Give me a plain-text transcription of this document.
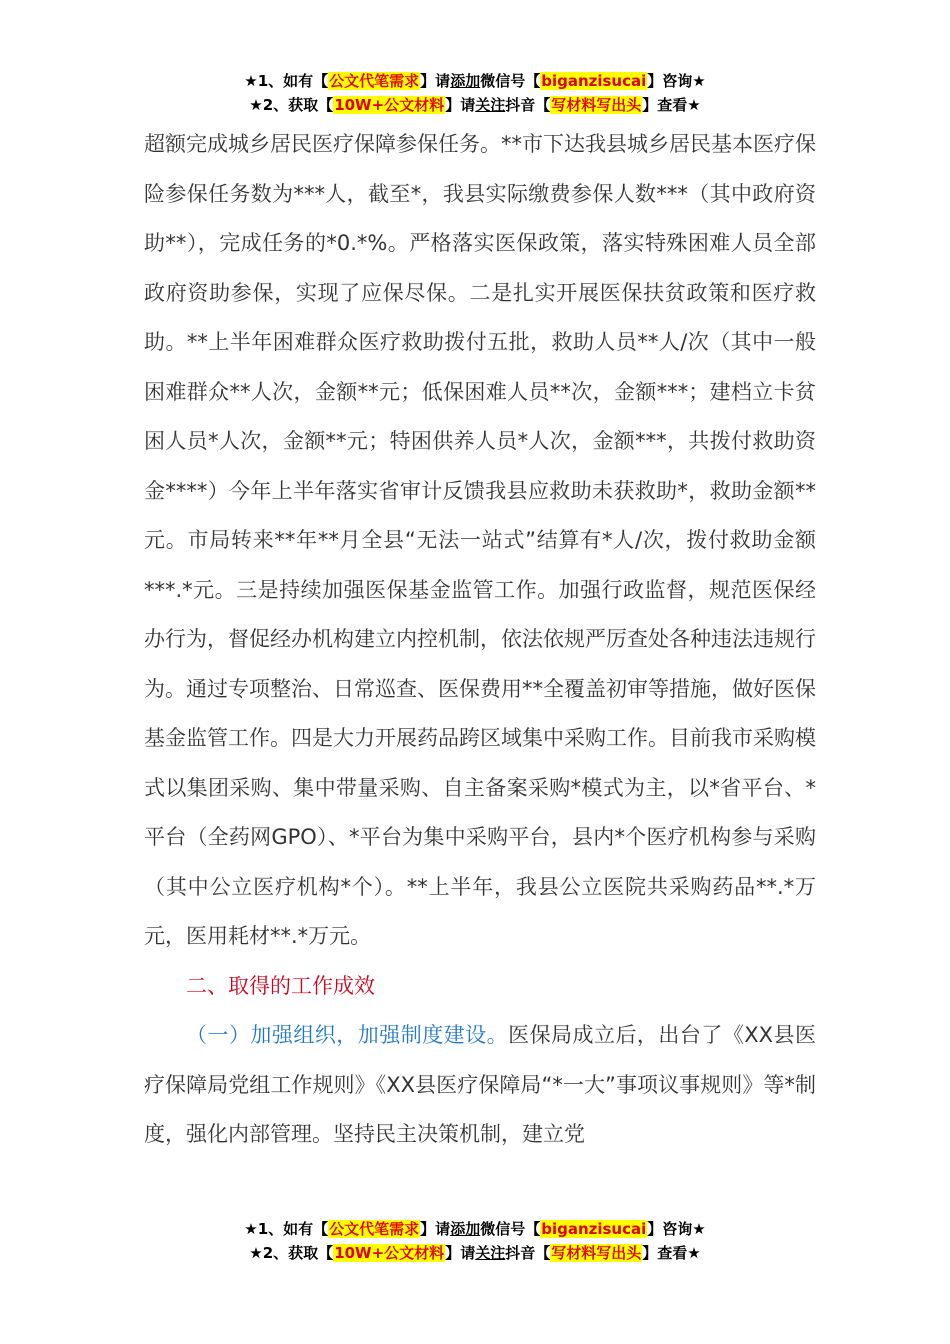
★1、如有【公文代笔需求】请添加微信号【biganzisucai】咨询★
★2、获取【10W+公文材料】请关注抖音【写材料写出头】查看★

超额完成城乡居民医疗保障参保任务。**市下达我县城乡居民基本医疗保险参保任务数为***人，截至*，我县实际缴费参保人数***（其中政府资助**），完成任务的*0.*%。严格落实医保政策，落实特殊困难人员全部政府资助参保，实现了应保尽保。二是扎实开展医保扶贫政策和医疗救助。**上半年困难群众医疗救助拨付五批，救助人员**人/次（其中一般困难群众**人次，金额**元；低保困难人员**次，金额***；建档立卡贫困人员*人次，金额**元；特困供养人员*人次，金额***，共拨付救助资金****）今年上半年落实省审计反馈我县应救助未获救助*，救助金额**元。市局转来**年**月全县“无法一站式”结算有*人/次，拨付救助金额***.*元。三是持续加强医保基金监管工作。加强行政监督，规范医保经办行为，督促经办机构建立内控机制，依法依规严厉查处各种违法违规行为。通过专项整治、日常巡查、医保费用**全覆盖初审等措施，做好医保基金监管工作。四是大力开展药品跨区域集中采购工作。目前我市采购模式以集团采购、集中带量采购、自主备案采购*模式为主，以*省平台、*平台（全药网GPO）、*平台为集中采购平台，县内*个医疗机构参与采购（其中公立医疗机构*个）。**上半年，我县公立医院共采购药品**.*万元，医用耗材**.*万元。

二、取得的工作成效

（一）加强组织，加强制度建设。医保局成立后，出台了《XX县医疗保障局党组工作规则》《XX县医疗保障局“*一大”事项议事规则》等*制度，强化内部管理。坚持民主决策机制，建立党

★1、如有【公文代笔需求】请添加微信号【biganzisucai】咨询★
★2、获取【10W+公文材料】请关注抖音【写材料写出头】查看★
